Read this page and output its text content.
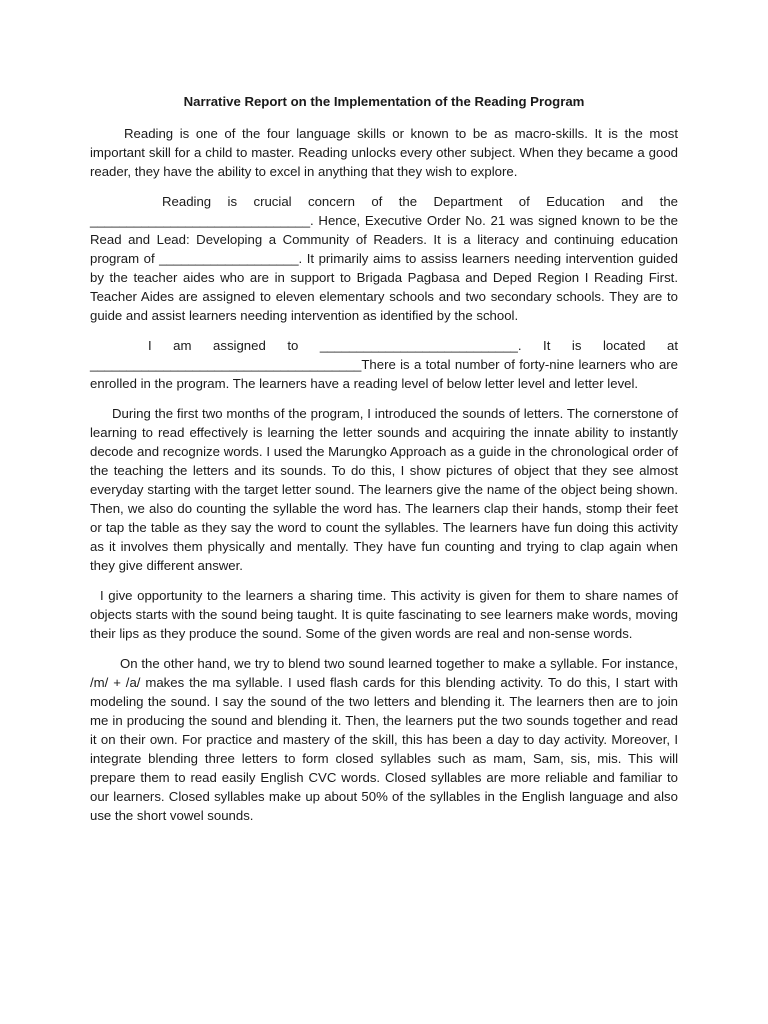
Narrative Report on the Implementation of the Reading Program

Reading is one of the four language skills or known to be as macro-skills. It is the most important skill for a child to master. Reading unlocks every other subject. When they became a good reader, they have the ability to excel in anything that they wish to explore.

Reading is crucial concern of the Department of Education and the ______________________________. Hence, Executive Order No. 21 was signed known to be the Read and Lead: Developing a Community of Readers. It is a literacy and continuing education program of ___________________. It primarily aims to assiss learners needing intervention guided by the teacher aides who are in support to Brigada Pagbasa and Deped Region I Reading First. Teacher Aides are assigned to eleven elementary schools and two secondary schools. They are to guide and assist learners needing intervention as identified by the school.

I am assigned to ___________________________. It is located at _____________________________________There is a total number of forty-nine learners who are enrolled in the program. The learners have a reading level of below letter level and letter level.

During the first two months of the program, I introduced the sounds of letters. The cornerstone of learning to read effectively is learning the letter sounds and acquiring the innate ability to instantly decode and recognize words. I used the Marungko Approach as a guide in the chronological order of the teaching the letters and its sounds. To do this, I show pictures of object that they see almost everyday starting with the target letter sound. The learners give the name of the object being shown. Then, we also do counting the syllable the word has. The learners clap their hands, stomp their feet or tap the table as they say the word to count the syllables. The learners have fun doing this activity as it involves them physically and mentally. They have fun counting and trying to clap again when they give different answer.

I give opportunity to the learners a sharing time. This activity is given for them to share names of objects starts with the sound being taught. It is quite fascinating to see learners make words, moving their lips as they produce the sound. Some of the given words are real and non-sense words.

On the other hand, we try to blend two sound learned together to make a syllable. For instance, /m/ + /a/ makes the ma syllable. I used flash cards for this blending activity. To do this, I start with modeling the sound. I say the sound of the two letters and blending it. The learners then are to join me in producing the sound and blending it. Then, the learners put the two sounds together and read it on their own. For practice and mastery of the skill, this has been a day to day activity. Moreover, I integrate blending three letters to form closed syllables such as mam, Sam, sis, mis. This will prepare them to read easily English CVC words. Closed syllables are more reliable and familiar to our learners. Closed syllables make up about 50% of the syllables in the English language and also use the short vowel sounds.
